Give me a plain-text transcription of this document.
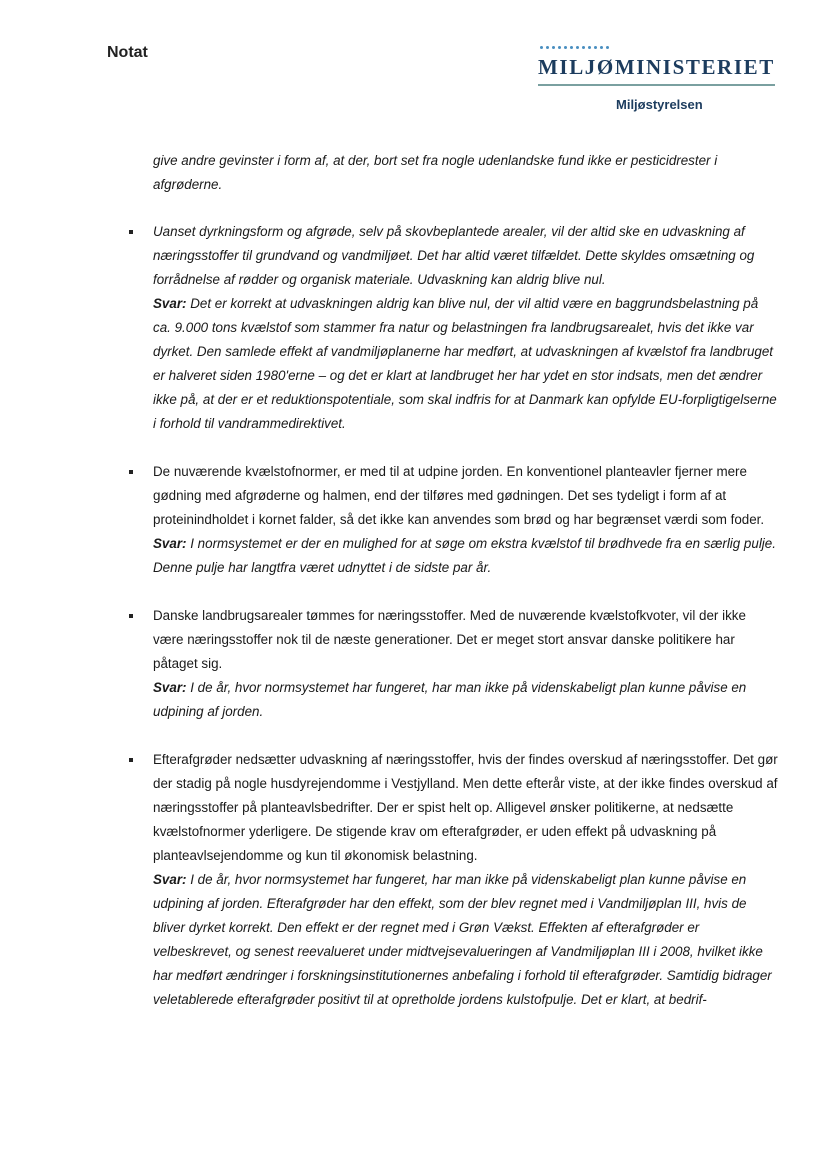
Notat
MILJØMINISTERIET
Miljøstyrelsen

give andre gevinster i form af, at der, bort set fra nogle udenlandske fund ikke er pesticidrester i afgrøderne.

Uanset dyrkningsform og afgrøde, selv på skovbeplantede arealer, vil der altid ske en udvaskning af næringsstoffer til grundvand og vandmiljøet. Det har altid været tilfældet. Dette skyldes omsætning og forrådnelse af rødder og organisk materiale. Udvaskning kan aldrig blive nul.
Svar: Det er korrekt at udvaskningen aldrig kan blive nul, der vil altid være en baggrundsbelastning på ca. 9.000 tons kvælstof som stammer fra natur og belastningen fra landbrugsarealet, hvis det ikke var dyrket. Den samlede effekt af vandmiljøplanerne har medført, at udvaskningen af kvælstof fra landbruget er halveret siden 1980'erne – og det er klart at landbruget her har ydet en stor indsats, men det ændrer ikke på, at der er et reduktionspotentiale, som skal indfris for at Danmark kan opfylde EU-forpligtigelserne i forhold til vandrammedirektivet.
De nuværende kvælstofnormer, er med til at udpine jorden. En konventionel planteavler fjerner mere gødning med afgrøderne og halmen, end der tilføres med gødningen. Det ses tydeligt i form af at proteinindholdet i kornet falder, så det ikke kan anvendes som brød og har begrænset værdi som foder.
Svar: I normsystemet er der en mulighed for at søge om ekstra kvælstof til brødhvede fra en særlig pulje. Denne pulje har langtfra været udnyttet i de sidste par år.
Danske landbrugsarealer tømmes for næringsstoffer. Med de nuværende kvælstofkvoter, vil der ikke være næringsstoffer nok til de næste generationer. Det er meget stort ansvar danske politikere har påtaget sig.
Svar: I de år, hvor normsystemet har fungeret, har man ikke på videnskabeligt plan kunne påvise en udpining af jorden.
Efterafgrøder nedsætter udvaskning af næringsstoffer, hvis der findes overskud af næringsstoffer. Det gør der stadig på nogle husdyrejendomme i Vestjylland. Men dette efterår viste, at der ikke findes overskud af næringsstoffer på planteavlsbedrifter. Der er spist helt op. Alligevel ønsker politikerne, at nedsætte kvælstofnormer yderligere. De stigende krav om efterafgrøder, er uden effekt på udvaskning på planteavlsejendomme og kun til økonomisk belastning.
Svar: I de år, hvor normsystemet har fungeret, har man ikke på videnskabeligt plan kunne påvise en udpining af jorden. Efterafgrøder har den effekt, som der blev regnet med i Vandmiljøplan III, hvis de bliver dyrket korrekt. Den effekt er der regnet med i Grøn Vækst. Effekten af efterafgrøder er velbeskrevet, og senest reevalueret under midtvejsevalueringen af Vandmiljøplan III i 2008, hvilket ikke har medført ændringer i forskningsinstitutionernes anbefaling i forhold til efterafgrøder. Samtidig bidrager veletablerede efterafgrøder positivt til at opretholde jordens kulstofpulje. Det er klart, at bedrif-
